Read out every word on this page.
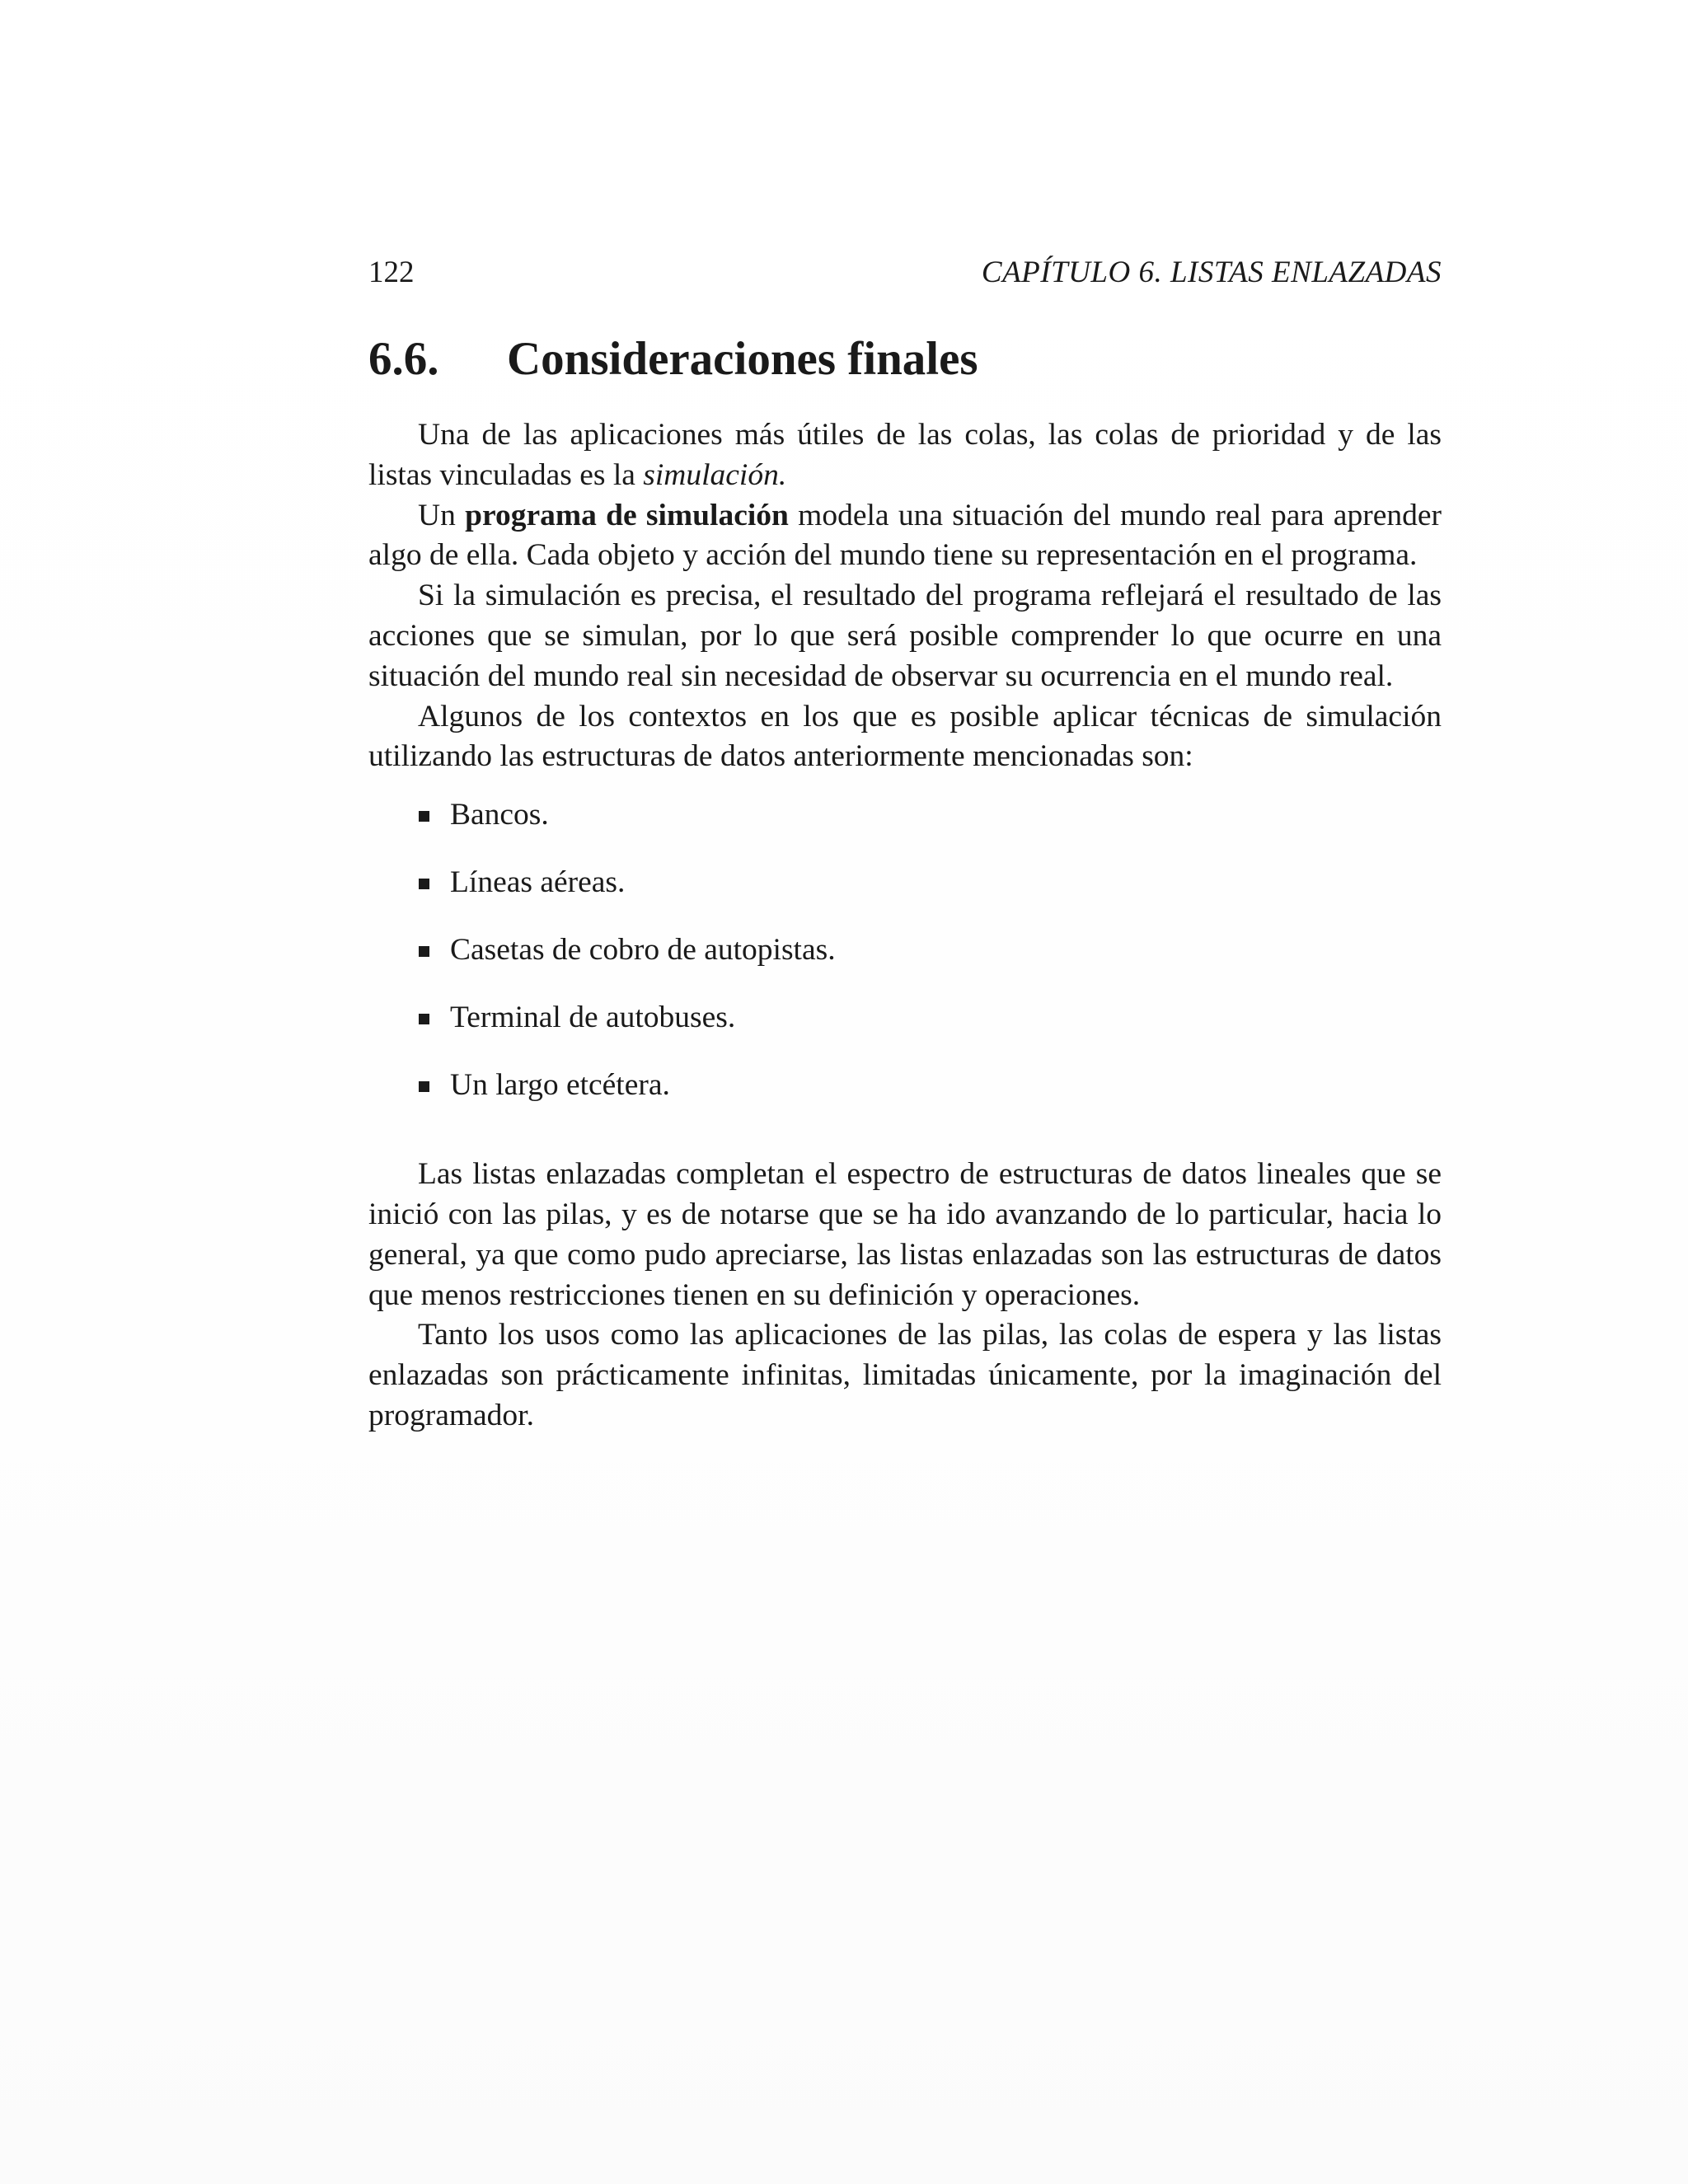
122	CAPÍTULO 6. LISTAS ENLAZADAS
6.6. Consideraciones finales

Una de las aplicaciones más útiles de las colas, las colas de prioridad y de las listas vinculadas es la simulación.

Un programa de simulación modela una situación del mundo real para aprender algo de ella. Cada objeto y acción del mundo tiene su representación en el programa.

Si la simulación es precisa, el resultado del programa reflejará el resultado de las acciones que se simulan, por lo que será posible comprender lo que ocurre en una situación del mundo real sin necesidad de observar su ocurrencia en el mundo real.

Algunos de los contextos en los que es posible aplicar técnicas de simulación utilizando las estructuras de datos anteriormente mencionadas son:

Bancos.
Líneas aéreas.
Casetas de cobro de autopistas.
Terminal de autobuses.
Un largo etcétera.

Las listas enlazadas completan el espectro de estructuras de datos lineales que se inició con las pilas, y es de notarse que se ha ido avanzando de lo particular, hacia lo general, ya que como pudo apreciarse, las listas enlazadas son las estructuras de datos que menos restricciones tienen en su definición y operaciones.

Tanto los usos como las aplicaciones de las pilas, las colas de espera y las listas enlazadas son prácticamente infinitas, limitadas únicamente, por la imaginación del programador.
